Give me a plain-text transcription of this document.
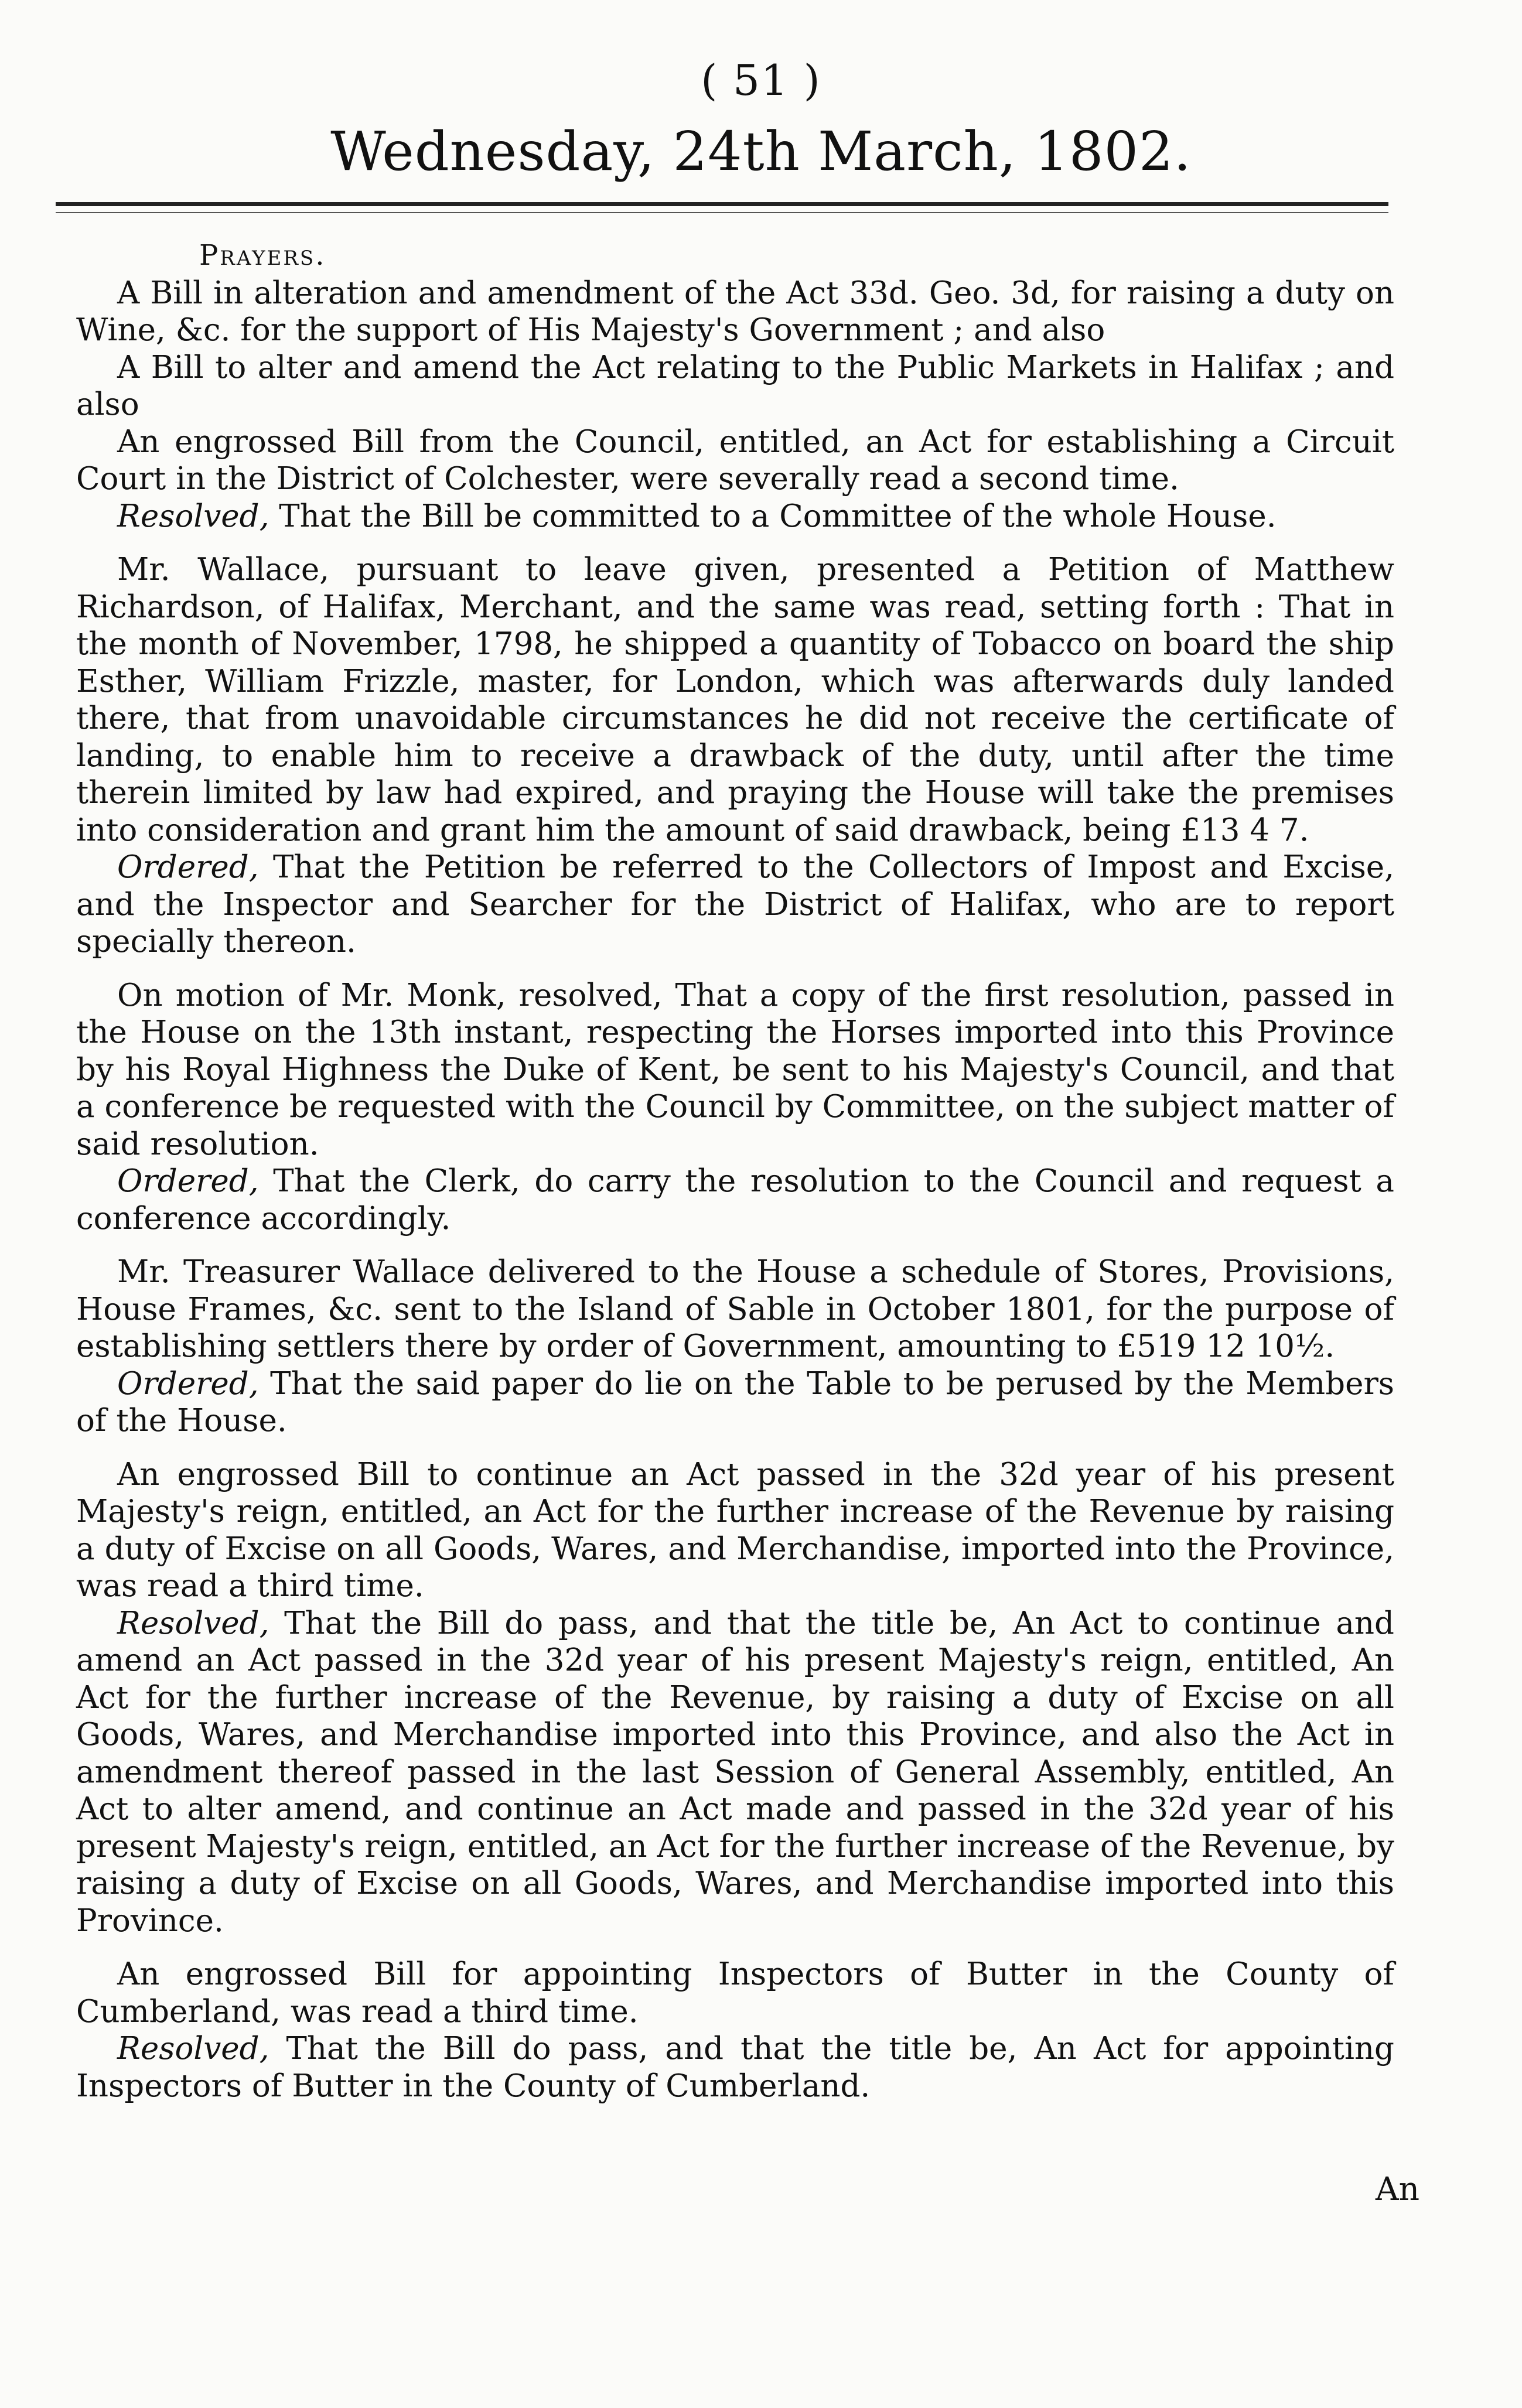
( 51 )
Wednesday, 24th March, 1802.
Prayers.

A Bill in alteration and amendment of the Act 33d. Geo. 3d, for raising a duty on Wine, &c. for the support of His Majesty's Government ; and also

A Bill to alter and amend the Act relating to the Public Markets in Halifax ; and also

An engrossed Bill from the Council, entitled, an Act for establishing a Circuit Court in the District of Colchester, were severally read a second time.

Resolved, That the Bill be committed to a Committee of the whole House.

Mr. Wallace, pursuant to leave given, presented a Petition of Matthew Richardson, of Halifax, Merchant, and the same was read, setting forth : That in the month of November, 1798, he shipped a quantity of Tobacco on board the ship Esther, William Frizzle, master, for London, which was afterwards duly landed there, that from unavoidable circumstances he did not receive the certificate of landing, to enable him to receive a drawback of the duty, until after the time therein limited by law had expired, and praying the House will take the premises into consideration and grant him the amount of said drawback, being £13 4 7.

Ordered, That the Petition be referred to the Collectors of Impost and Excise, and the Inspector and Searcher for the District of Halifax, who are to report specially thereon.

On motion of Mr. Monk, resolved, That a copy of the first resolution, passed in the House on the 13th instant, respecting the Horses imported into this Province by his Royal Highness the Duke of Kent, be sent to his Majesty's Council, and that a conference be requested with the Council by Committee, on the subject matter of said resolution.

Ordered, That the Clerk, do carry the resolution to the Council and request a conference accordingly.

Mr. Treasurer Wallace delivered to the House a schedule of Stores, Provisions, House Frames, &c. sent to the Island of Sable in October 1801, for the purpose of establishing settlers there by order of Government, amounting to £519 12 10½.

Ordered, That the said paper do lie on the Table to be perused by the Members of the House.

An engrossed Bill to continue an Act passed in the 32d year of his present Majesty's reign, entitled, an Act for the further increase of the Revenue by raising a duty of Excise on all Goods, Wares, and Merchandise, imported into the Province, was read a third time.

Resolved, That the Bill do pass, and that the title be, An Act to continue and amend an Act passed in the 32d year of his present Majesty's reign, entitled, An Act for the further increase of the Revenue, by raising a duty of Excise on all Goods, Wares, and Merchandise imported into this Province, and also the Act in amendment thereof passed in the last Session of General Assembly, entitled, An Act to alter amend, and continue an Act made and passed in the 32d year of his present Majesty's reign, entitled, an Act for the further increase of the Revenue, by raising a duty of Excise on all Goods, Wares, and Merchandise imported into this Province.

An engrossed Bill for appointing Inspectors of Butter in the County of Cumberland, was read a third time.

Resolved, That the Bill do pass, and that the title be, An Act for appointing Inspectors of Butter in the County of Cumberland.

An
